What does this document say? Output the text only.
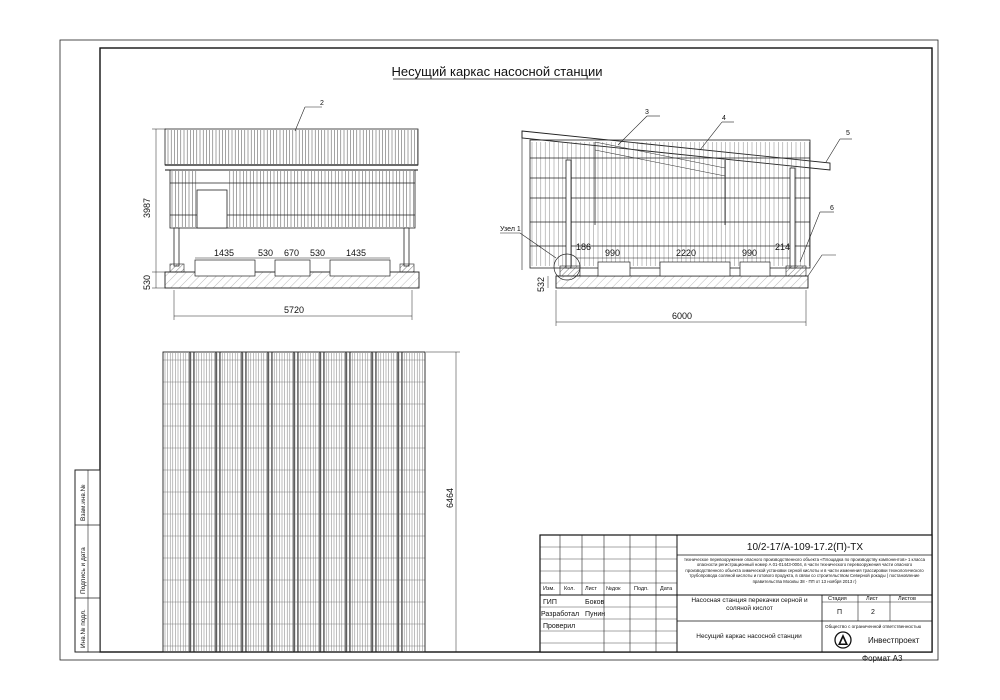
Несущий каркас насосной станции
2
3987
530
1435	530 670 530 1435
5720
Узел 1
3
4
5
6
532
186
990	2220	990
214
6000
6464
Инв.№ подл.
Подпись и дата
Взам.инв.№
Изм. Кол. Лист №док Подп. Дата
ГИП	Боков
Разработал Пунин
Проверил
10/2-17/А-109-17.2(П)-ТХ
техническое перевооружение опасного производственного объекта «Площадка по производству компонентов» 1 класса опасности регистрационный номер А 01-01443-0004, в части технического перевооружения части опасного производственного объекта химической установки серной кислоты и в части изменения трассировки технологического трубопровода соляной кислоты и готового продукта, в связи со строительством Северной рокады ( постановление правительства Москвы 38 - ПП от 13 ноября 2013 г)
Насосная станция перекачки серной и соляной кислот
Несущий каркас насосной станции
Стадия	Лист	Листов
П	2
Общество с ограниченной ответственностью
Инвестпроект
Формат А3
